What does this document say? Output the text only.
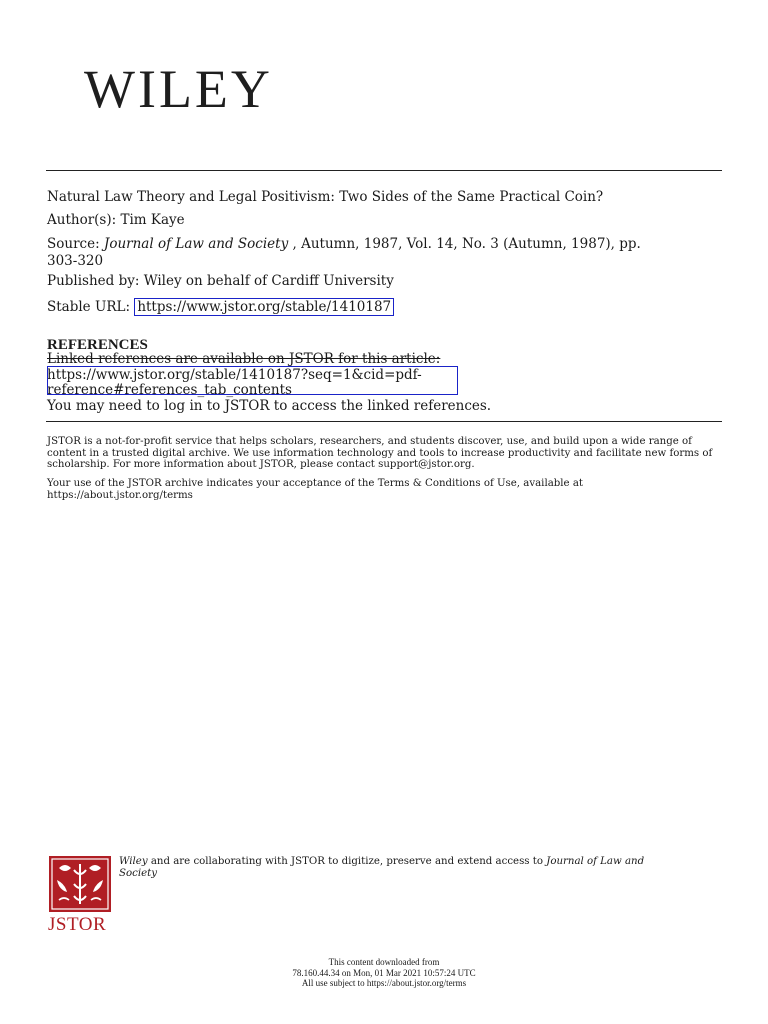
WILEY
Natural Law Theory and Legal Positivism: Two Sides of the Same Practical Coin?
Author(s): Tim Kaye
Source: Journal of Law and Society , Autumn, 1987, Vol. 14, No. 3 (Autumn, 1987), pp.
303-320
Published by: Wiley on behalf of Cardiff University
Stable URL: https://www.jstor.org/stable/1410187
REFERENCES
Linked references are available on JSTOR for this article:
https://www.jstor.org/stable/1410187?seq=1&cid=pdf-
reference#references_tab_contents
You may need to log in to JSTOR to access the linked references.
JSTOR is a not-for-profit service that helps scholars, researchers, and students discover, use, and build upon a wide range of content in a trusted digital archive. We use information technology and tools to increase productivity and facilitate new forms of scholarship. For more information about JSTOR, please contact support@jstor.org.
Your use of the JSTOR archive indicates your acceptance of the Terms & Conditions of Use, available at https://about.jstor.org/terms
JSTOR
Wiley and are collaborating with JSTOR to digitize, preserve and extend access to Journal of Law and Society
This content downloaded from
78.160.44.34 on Mon, 01 Mar 2021 10:57:24 UTC
All use subject to https://about.jstor.org/terms
